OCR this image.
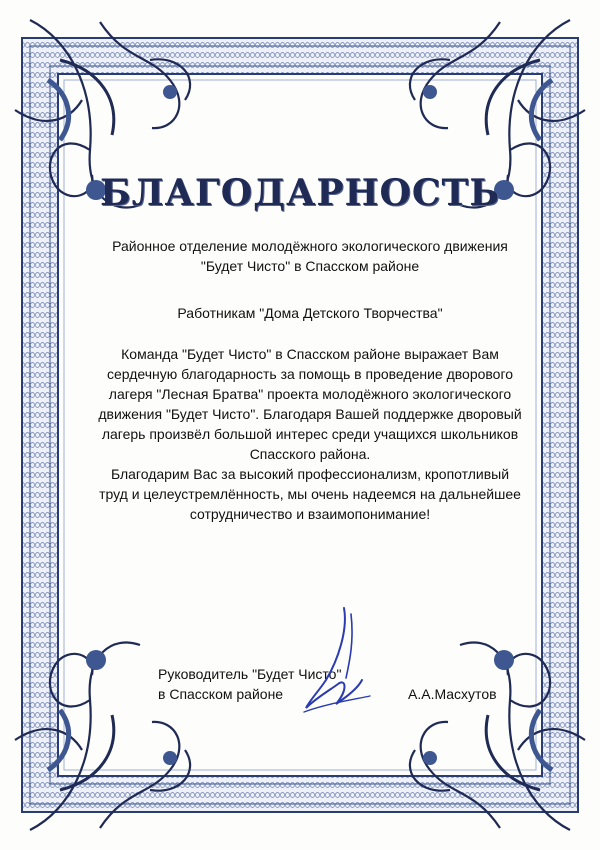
БЛАГОДАРНОСТЬ
Районное отделение молодёжного экологического движения
"Будет Чисто" в Спасском районе
Работникам "Дома Детского Творчества"

Команда "Будет Чисто" в Спасском районе выражает Вам сердечную благодарность за помощь в проведение дворового лагеря "Лесная Братва" проекта молодёжного экологического движения "Будет Чисто". Благодаря Вашей поддержке дворовый лагерь произвёл большой интерес среди учащихся школьников Спасского района.

Благодарим Вас за высокий профессионализм, кропотливый труд и целеустремлённость, мы очень надеемся на дальнейшее сотрудничество и взаимопонимание!

Руководитель "Будет Чисто"
в Спасском районе	А.А.Масхутов
